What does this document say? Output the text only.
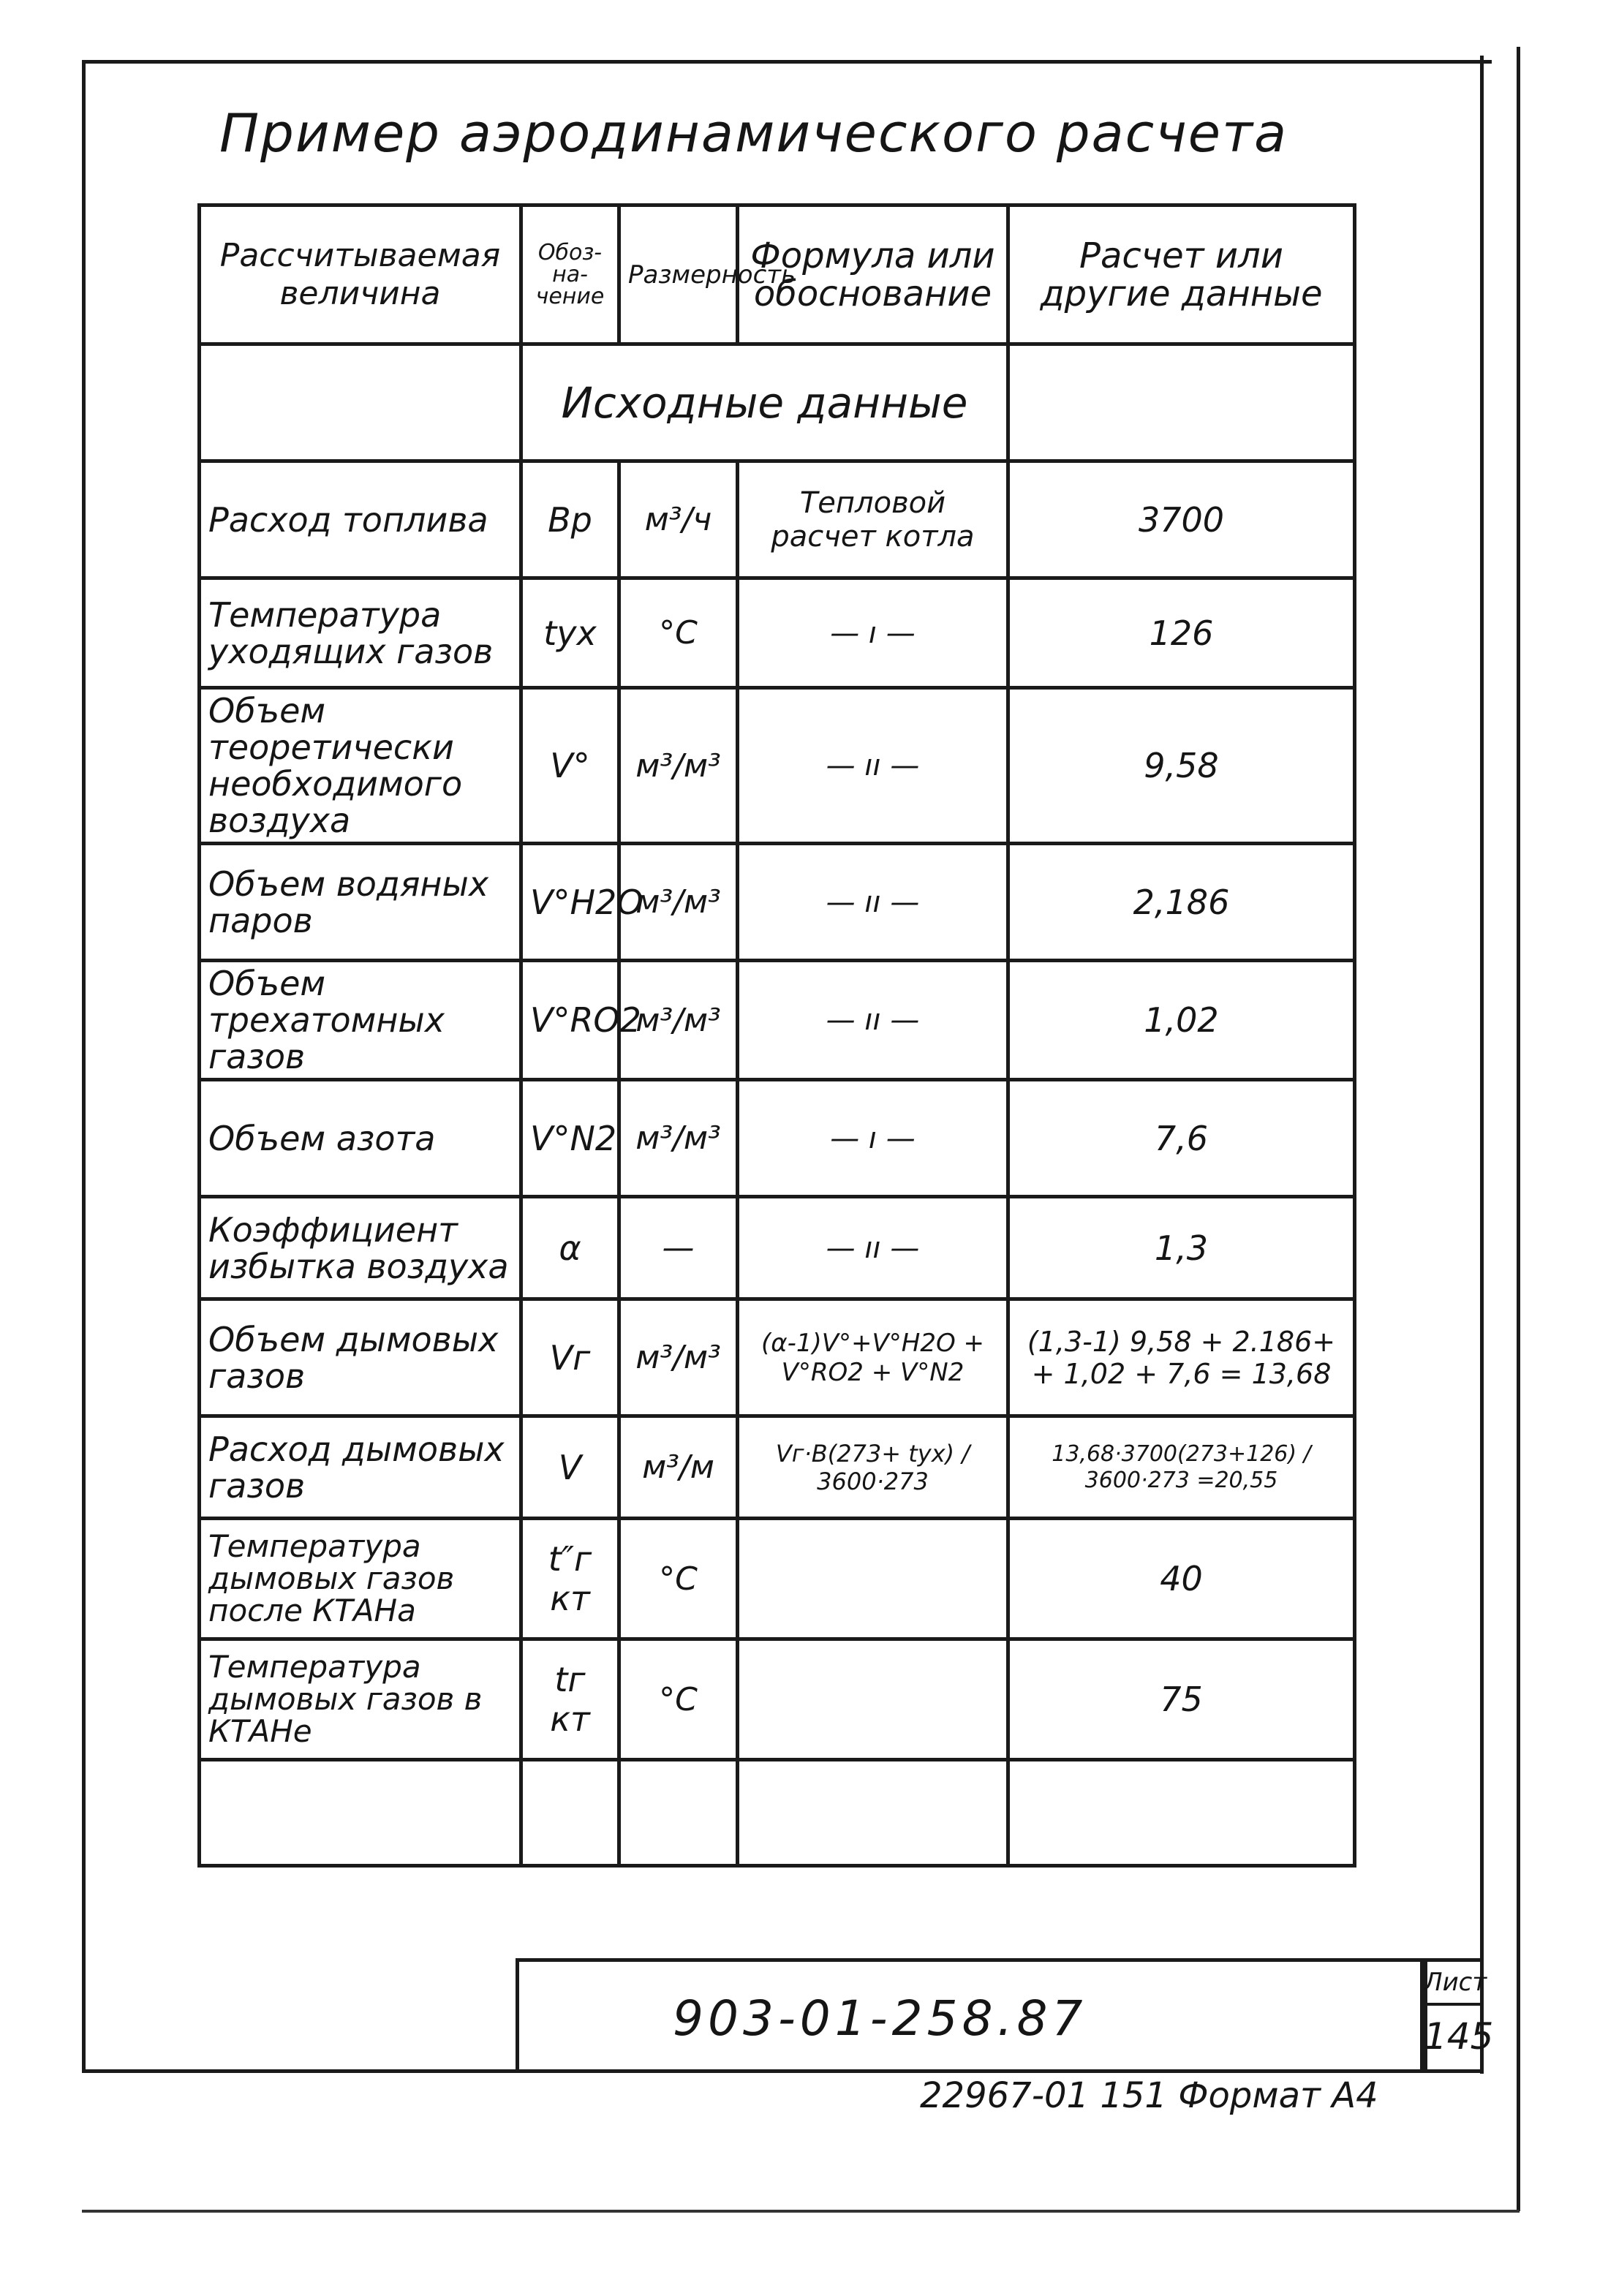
Пример аэродинамического расчета
Рассчитываемая величина	Обоз-на-чение	Размерность	Формула или обоснование	Расчет или другие данные
	Исходные данные			
Расход топлива	Bp	м³/ч	Тепловой расчет котла	3700
Температура уходящих газов	tух	°С	— ı —	126
Объем теоретически необходимого воздуха	V°	м³/м³	— ıı —	9,58
Объем водяных паров	V°H2O	м³/м³	— ıı —	2,186
Объем трехатомных газов	V°RO2	м³/м³	— ıı —	1,02
Объем азота	V°N2	м³/м³	— ı —	7,6
Коэффициент избытка воздуха	α	—	— ıı —	1,3
Объем дымовых газов	Vг	м³/м³	(α-1)V°+V°H2O + V°RO2 + V°N2	(1,3-1) 9,58 + 2.186+ + 1,02 + 7,6 = 13,68
Расход дымовых газов	V	м³/м	Vг·B(273+ tух) / 3600·273	13,68·3700(273+126) / 3600·273 =20,55
Температура дымовых газов после КТАНа	t″г кт	°С		40
Температура дымовых газов в КТАНе	tг кт	°С		75

903-01-258.87
Лист
145
22967-01 151 Формат А4
